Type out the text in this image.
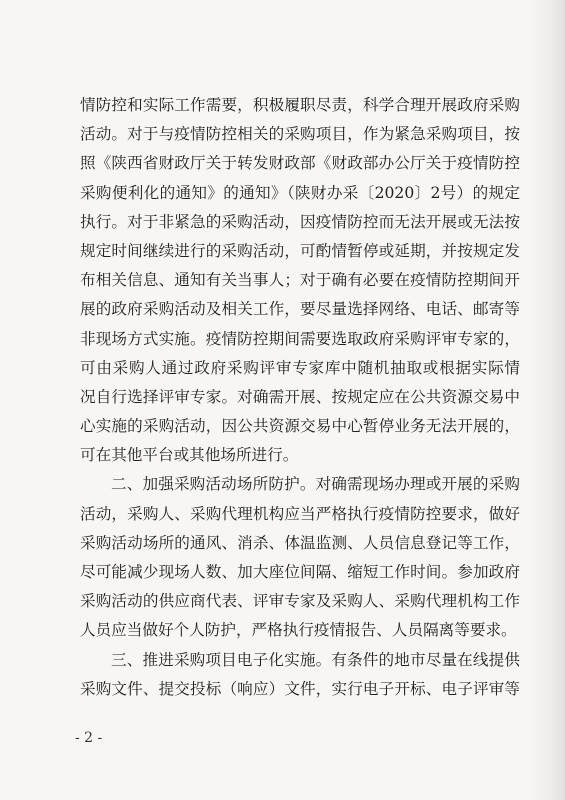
情防控和实际工作需要，积极履职尽责，科学合理开展政府采购
活动。对于与疫情防控相关的采购项目，作为紧急采购项目，按
照《陕西省财政厅关于转发财政部《财政部办公厅关于疫情防控
采购便利化的通知》的通知》（陕财办采〔2020〕2号）的规定
执行。对于非紧急的采购活动，因疫情防控而无法开展或无法按
规定时间继续进行的采购活动，可酌情暂停或延期，并按规定发
布相关信息、通知有关当事人；对于确有必要在疫情防控期间开
展的政府采购活动及相关工作，要尽量选择网络、电话、邮寄等
非现场方式实施。疫情防控期间需要选取政府采购评审专家的，
可由采购人通过政府采购评审专家库中随机抽取或根据实际情
况自行选择评审专家。对确需开展、按规定应在公共资源交易中
心实施的采购活动，因公共资源交易中心暂停业务无法开展的，
可在其他平台或其他场所进行。
二、加强采购活动场所防护。对确需现场办理或开展的采购
活动，采购人、采购代理机构应当严格执行疫情防控要求，做好
采购活动场所的通风、消杀、体温监测、人员信息登记等工作，
尽可能减少现场人数、加大座位间隔、缩短工作时间。参加政府
采购活动的供应商代表、评审专家及采购人、采购代理机构工作
人员应当做好个人防护，严格执行疫情报告、人员隔离等要求。
三、推进采购项目电子化实施。有条件的地市尽量在线提供
采购文件、提交投标（响应）文件，实行电子开标、电子评审等
- 2 -
